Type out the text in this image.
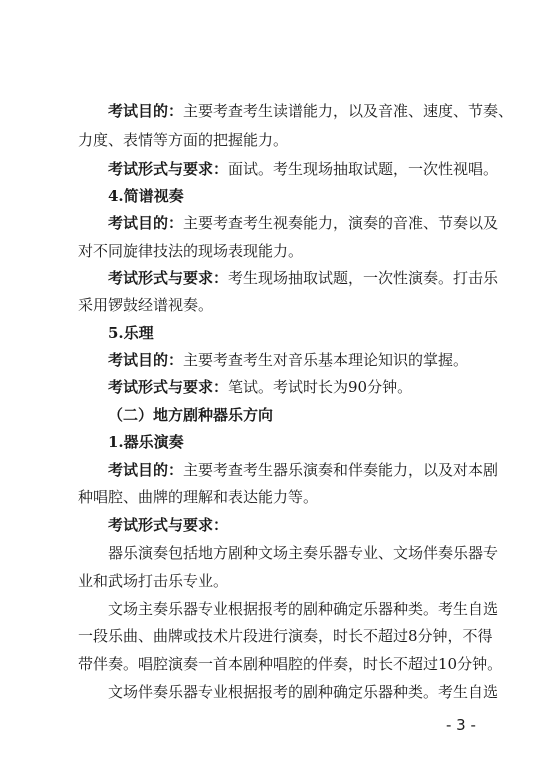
考试目的：主要考查考生读谱能力，以及音准、速度、节奏、
力度、表情等方面的把握能力。
考试形式与要求：面试。考生现场抽取试题，一次性视唱。
4.简谱视奏
考试目的：主要考查考生视奏能力，演奏的音准、节奏以及
对不同旋律技法的现场表现能力。
考试形式与要求：考生现场抽取试题，一次性演奏。打击乐
采用锣鼓经谱视奏。
5.乐理
考试目的：主要考查考生对音乐基本理论知识的掌握。
考试形式与要求：笔试。考试时长为90分钟。
（二）地方剧种器乐方向
1.器乐演奏
考试目的：主要考查考生器乐演奏和伴奏能力，以及对本剧
种唱腔、曲牌的理解和表达能力等。
考试形式与要求：
器乐演奏包括地方剧种文场主奏乐器专业、文场伴奏乐器专
业和武场打击乐专业。
文场主奏乐器专业根据报考的剧种确定乐器种类。考生自选
一段乐曲、曲牌或技术片段进行演奏，时长不超过8分钟，不得
带伴奏。唱腔演奏一首本剧种唱腔的伴奏，时长不超过10分钟。
文场伴奏乐器专业根据报考的剧种确定乐器种类。考生自选
- 3 -
